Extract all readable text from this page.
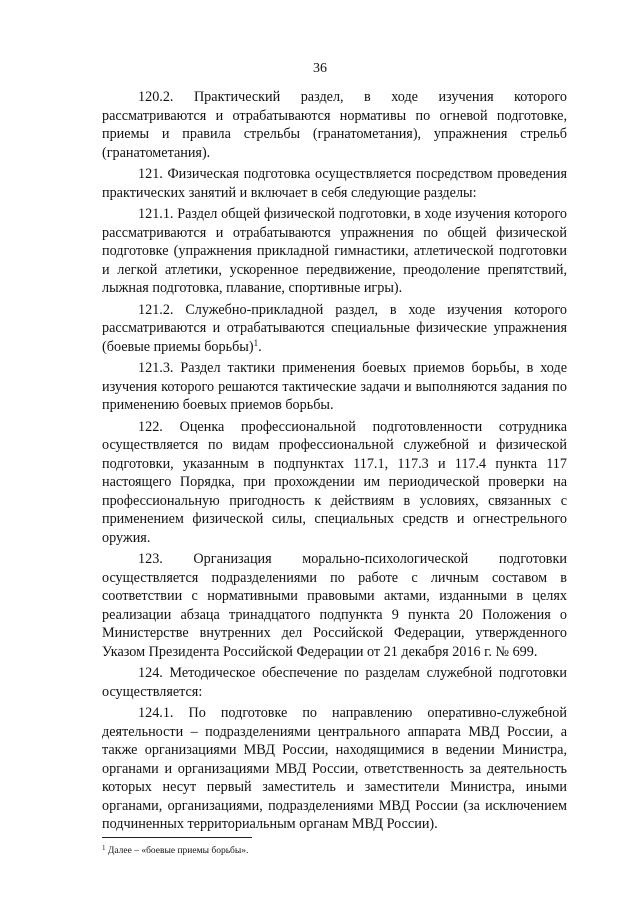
36

120.2. Практический раздел, в ходе изучения которого рассматриваются и отрабатываются нормативы по огневой подготовке, приемы и правила стрельбы (гранатометания), упражнения стрельб (гранатометания).

121. Физическая подготовка осуществляется посредством проведения практических занятий и включает в себя следующие разделы:

121.1. Раздел общей физической подготовки, в ходе изучения которого рассматриваются и отрабатываются упражнения по общей физической подготовке (упражнения прикладной гимнастики, атлетической подготовки и легкой атлетики, ускоренное передвижение, преодоление препятствий, лыжная подготовка, плавание, спортивные игры).

121.2. Служебно-прикладной раздел, в ходе изучения которого рассматриваются и отрабатываются специальные физические упражнения (боевые приемы борьбы)$^1$.

121.3. Раздел тактики применения боевых приемов борьбы, в ходе изучения которого решаются тактические задачи и выполняются задания по применению боевых приемов борьбы.

122. Оценка профессиональной подготовленности сотрудника осуществляется по видам профессиональной служебной и физической подготовки, указанным в подпунктах 117.1, 117.3 и 117.4 пункта 117 настоящего Порядка, при прохождении им периодической проверки на профессиональную пригодность к действиям в условиях, связанных с применением физической силы, специальных средств и огнестрельного оружия.

123. Организация морально-психологической подготовки осуществляется подразделениями по работе с личным составом в соответствии с нормативными правовыми актами, изданными в целях реализации абзаца тринадцатого подпункта 9 пункта 20 Положения о Министерстве внутренних дел Российской Федерации, утвержденного Указом Президента Российской Федерации от 21 декабря 2016 г. № 699.

124. Методическое обеспечение по разделам служебной подготовки осуществляется:

124.1. По подготовке по направлению оперативно-служебной деятельности – подразделениями центрального аппарата МВД России, а также организациями МВД России, находящимися в ведении Министра, органами и организациями МВД России, ответственность за деятельность которых несут первый заместитель и заместители Министра, иными органами, организациями, подразделениями МВД России (за исключением подчиненных территориальным органам МВД России).

$^1$ Далее – «боевые приемы борьбы».
